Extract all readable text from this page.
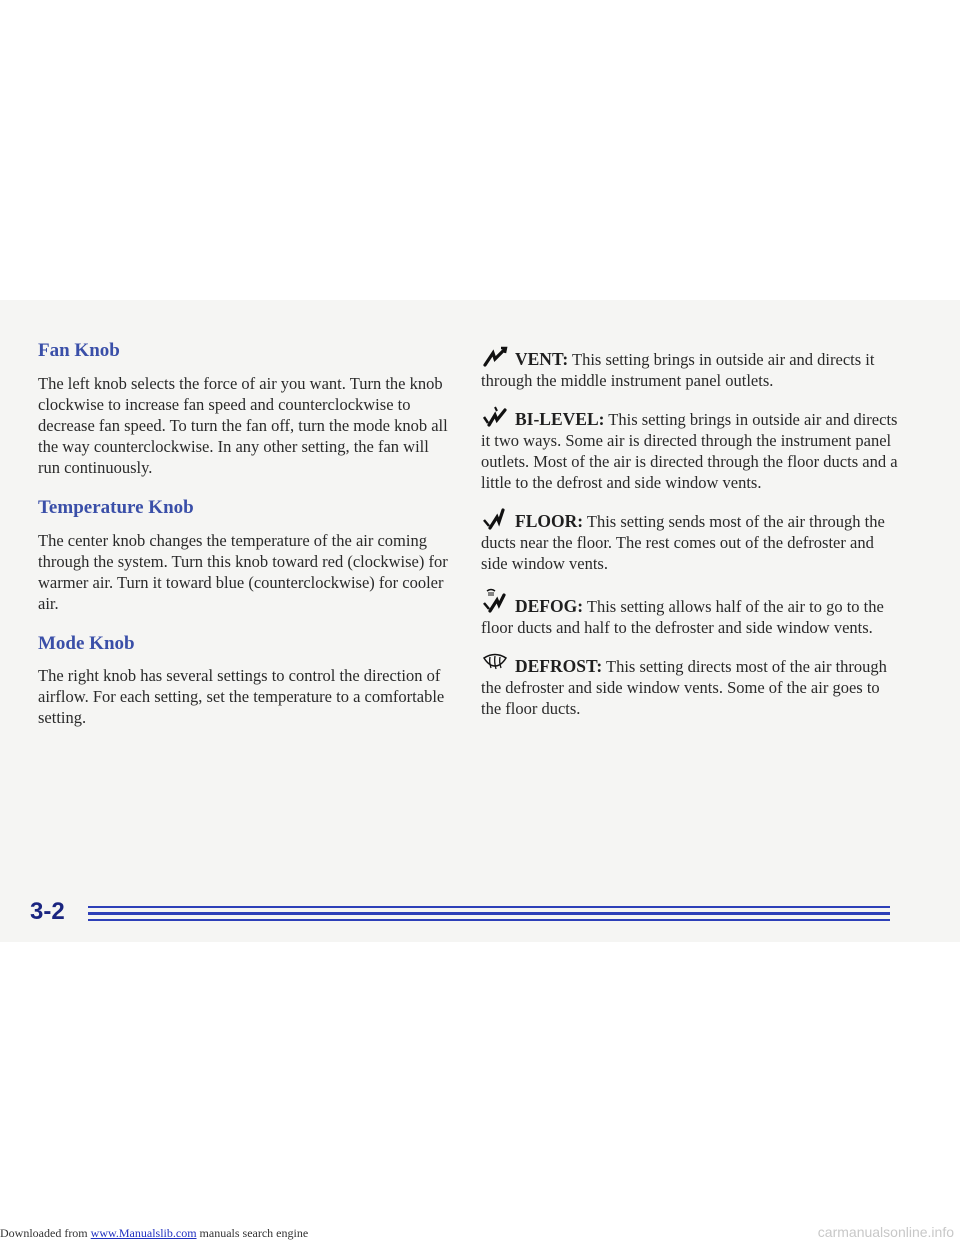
Fan Knob

The left knob selects the force of air you want. Turn the knob clockwise to increase fan speed and counterclockwise to decrease fan speed. To turn the fan off, turn the mode knob all the way counterclockwise. In any other setting, the fan will run continuously.

Temperature Knob

The center knob changes the temperature of the air coming through the system. Turn this knob toward red (clockwise) for warmer air. Turn it toward blue (counterclockwise) for cooler air.

Mode Knob

The right knob has several settings to control the direction of airflow. For each setting, set the temperature to a comfortable setting.

VENT: This setting brings in outside air and directs it through the middle instrument panel outlets.

BI-LEVEL: This setting brings in outside air and directs it two ways. Some air is directed through the instrument panel outlets. Most of the air is directed through the floor ducts and a little to the defrost and side window vents.

FLOOR: This setting sends most of the air through the ducts near the floor. The rest comes out of the defroster and side window vents.

DEFOG: This setting allows half of the air to go to the floor ducts and half to the defroster and side window vents.

DEFROST: This setting directs most of the air through the defroster and side window vents. Some of the air goes to the floor ducts.

3-2
Downloaded from www.Manualslib.com manuals search engine	carmanualsonline.info
